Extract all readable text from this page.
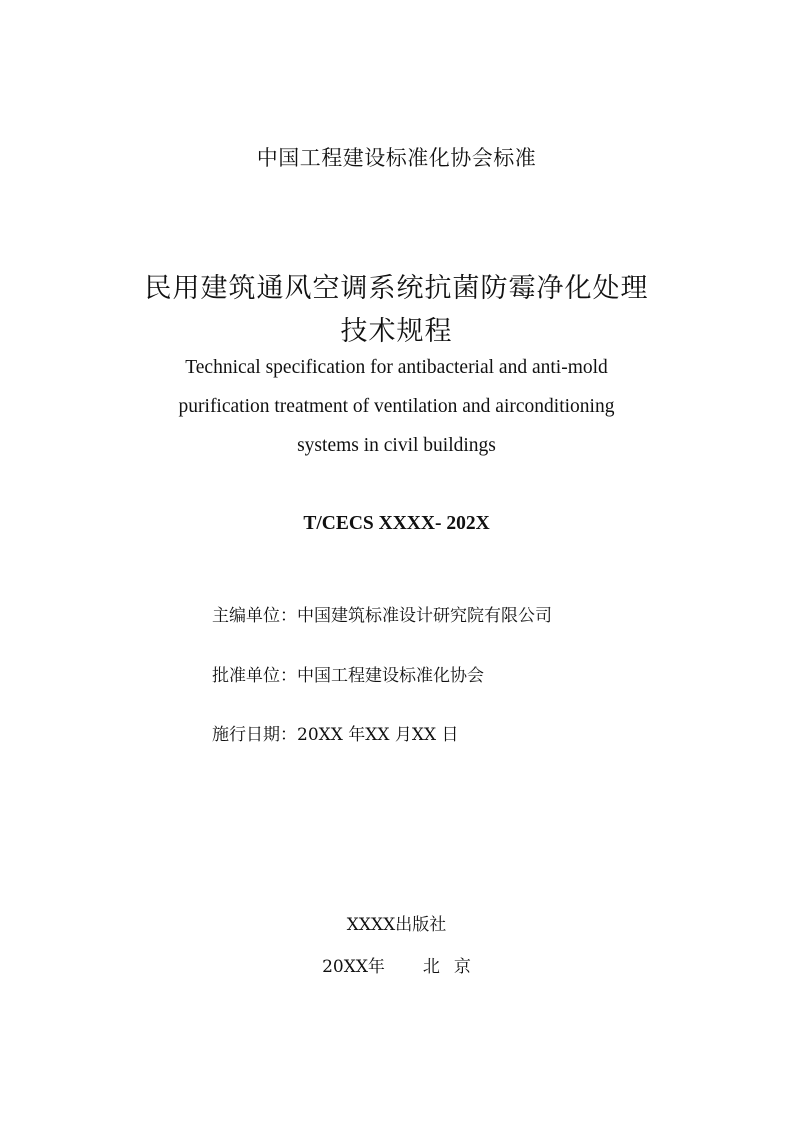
中国工程建设标准化协会标准
民用建筑通风空调系统抗菌防霉净化处理
技术规程
Technical specification for antibacterial and anti-mold
purification treatment of ventilation and airconditioning
systems in civil buildings
T/CECS XXXX- 202X
主编单位：中国建筑标准设计研究院有限公司
批准单位：中国工程建设标准化协会
施行日期：20XX 年XX 月XX 日
XXXX出版社
20XX年 北 京
